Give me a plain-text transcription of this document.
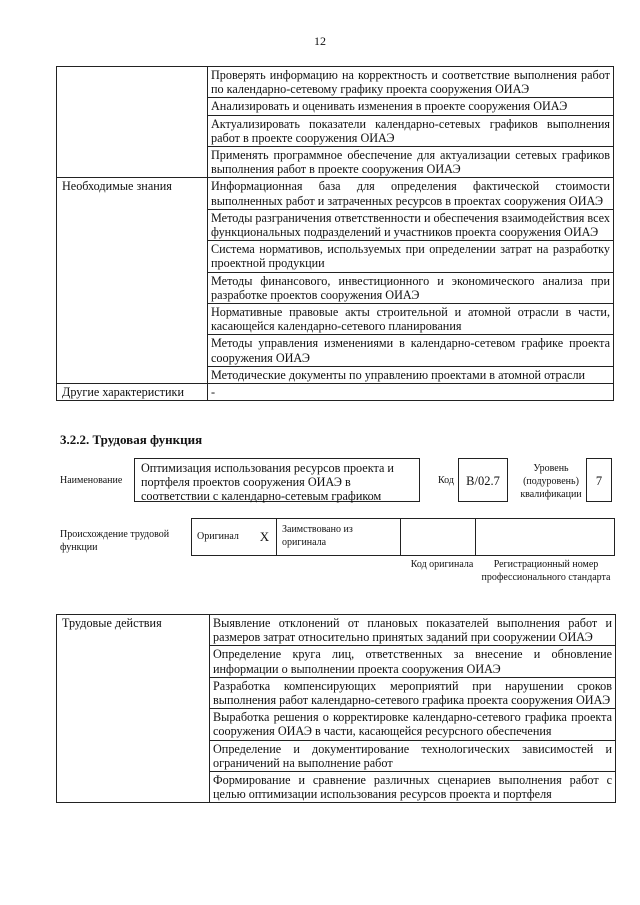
12
	Проверять информацию на корректность и соответствие выполнения работ по календарно-сетевому графику проекта сооружения ОИАЭ
	Анализировать и оценивать изменения в проекте сооружения ОИАЭ
	Актуализировать показатели календарно-сетевых графиков выполнения работ в проекте сооружения ОИАЭ
	Применять программное обеспечение для актуализации сетевых графиков выполнения работ в проекте сооружения ОИАЭ
Необходимые знания	Информационная база для определения фактической стоимости выполненных работ и затраченных ресурсов в проектах сооружения ОИАЭ
	Методы разграничения ответственности и обеспечения взаимодействия всех функциональных подразделений и участников проекта сооружения ОИАЭ
	Система нормативов, используемых при определении затрат на разработку проектной продукции
	Методы финансового, инвестиционного и экономического анализа при разработке проектов сооружения ОИАЭ
	Нормативные правовые акты строительной и атомной отрасли в части, касающейся календарно-сетевого планирования
	Методы управления изменениями в календарно-сетевом графике проекта сооружения ОИАЭ
	Методические документы по управлению проектами в атомной отрасли
Другие характеристики	-
3.2.2. Трудовая функция
Наименование
Оптимизация использования ресурсов проекта и портфеля проектов сооружения ОИАЭ в соответствии с календарно-сетевым графиком
Код B/02.7
Уровень (подуровень) квалификации
7
Происхождение трудовой функции
Оригинал	X	Заимствовано из оригинала
Код оригинала	Регистрационный номер профессионального стандарта
Трудовые действия	Выявление отклонений от плановых показателей выполнения работ и размеров затрат относительно принятых заданий при сооружении ОИАЭ
Определение круга лиц, ответственных за внесение и обновление информации о выполнении проекта сооружения ОИАЭ
Разработка компенсирующих мероприятий при нарушении сроков выполнения работ календарно-сетевого графика проекта сооружения ОИАЭ
Выработка решения о корректировке календарно-сетевого графика проекта сооружения ОИАЭ в части, касающейся ресурсного обеспечения
Определение и документирование технологических зависимостей и ограничений на выполнение работ
Формирование и сравнение различных сценариев выполнения работ с целью оптимизации использования ресурсов проекта и портфеля
